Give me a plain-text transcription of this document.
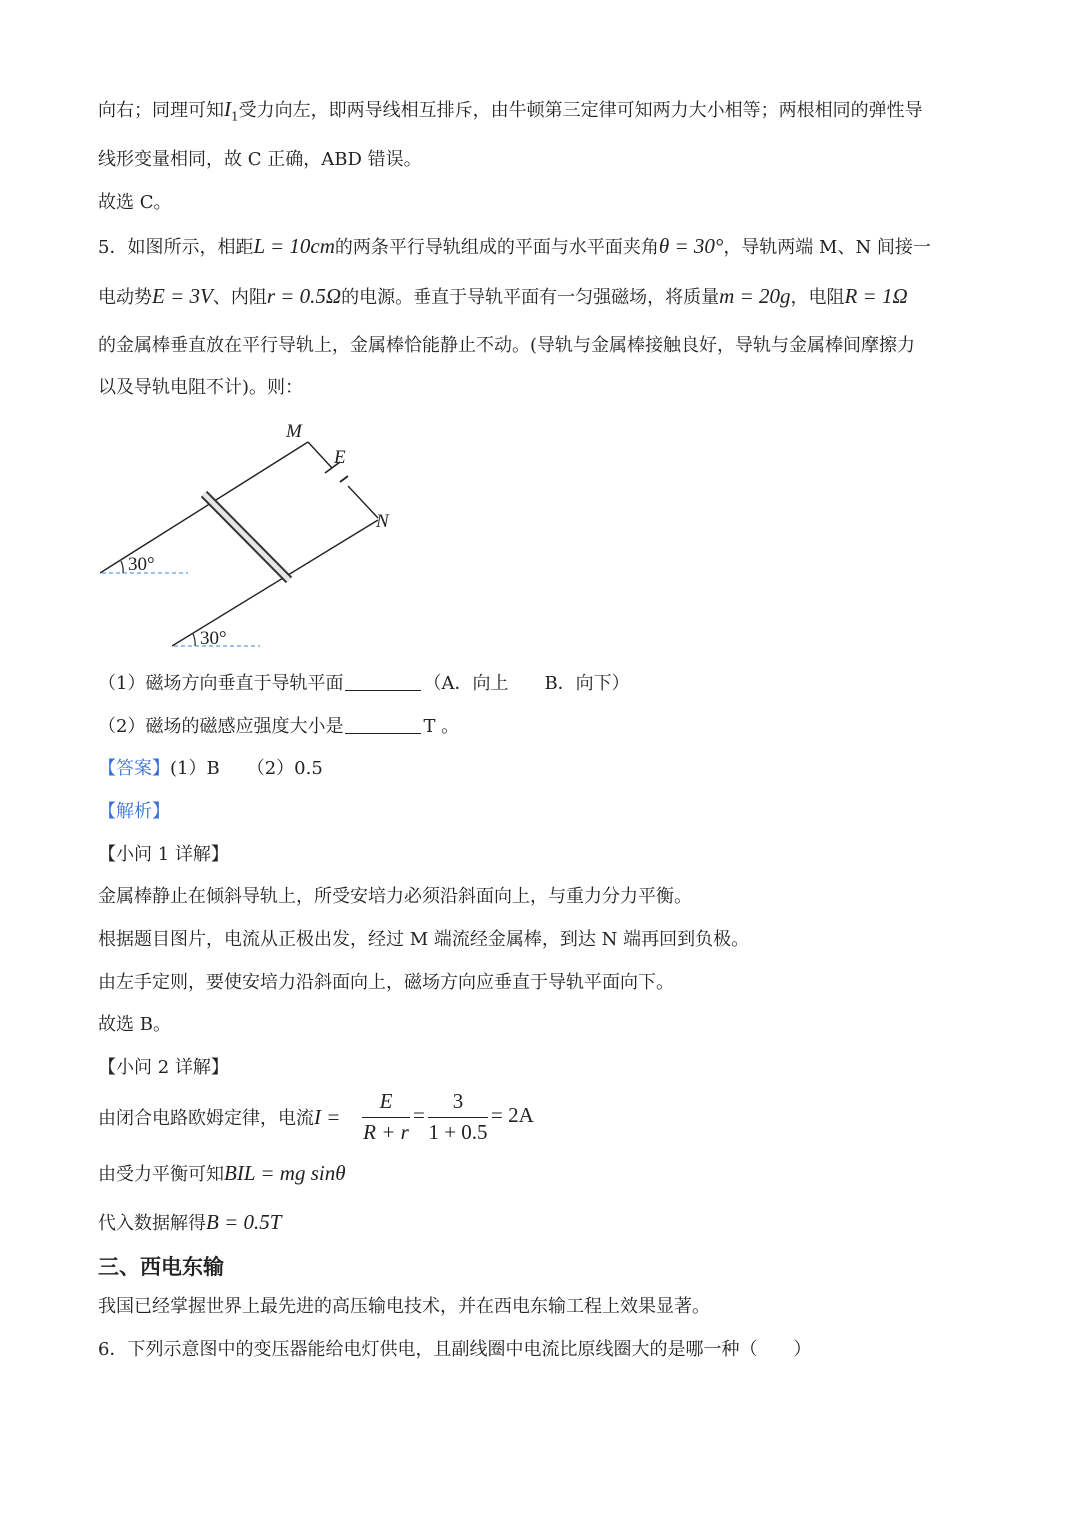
向右；同理可知$I_1$受力向左，即两导线相互排斥，由牛顿第三定律可知两力大小相等；两根相同的弹性导
线形变量相同，故 C 正确，ABD 错误。
故选 C。
5．如图所示，相距L = 10cm的两条平行导轨组成的平面与水平面夹角θ = 30°，导轨两端 M、N 间接一
电动势E = 3V、内阻r = 0.5Ω的电源。垂直于导轨平面有一匀强磁场，将质量m = 20g，电阻R = 1Ω
的金属棒垂直放在平行导轨上，金属棒恰能静止不动。(导轨与金属棒接触良好，导轨与金属棒间摩擦力
以及导轨电阻不计)。则：
M
E
N
30°
30°
（1）磁场方向垂直于导轨平面	（A．向上　　B．向下）
（2）磁场的磁感应强度大小是	T 。
【答案】(1）B　　（2）0.5
【解析】
【小问 1 详解】
金属棒静止在倾斜导轨上，所受安培力必须沿斜面向上，与重力分力平衡。
根据题目图片，电流从正极出发，经过 M 端流经金属棒，到达 N 端再回到负极。
由左手定则，要使安培力沿斜面向上，磁场方向应垂直于导轨平面向下。
故选 B。
【小问 2 详解】
由闭合电路欧姆定律，电流I =
E
R + r
=
3
1 + 0.5
= 2A
由受力平衡可知BIL = mg sinθ
代入数据解得B = 0.5T
三、西电东输
我国已经掌握世界上最先进的高压输电技术，并在西电东输工程上效果显著。
6．下列示意图中的变压器能给电灯供电，且副线圈中电流比原线圈大的是哪一种（　　）
